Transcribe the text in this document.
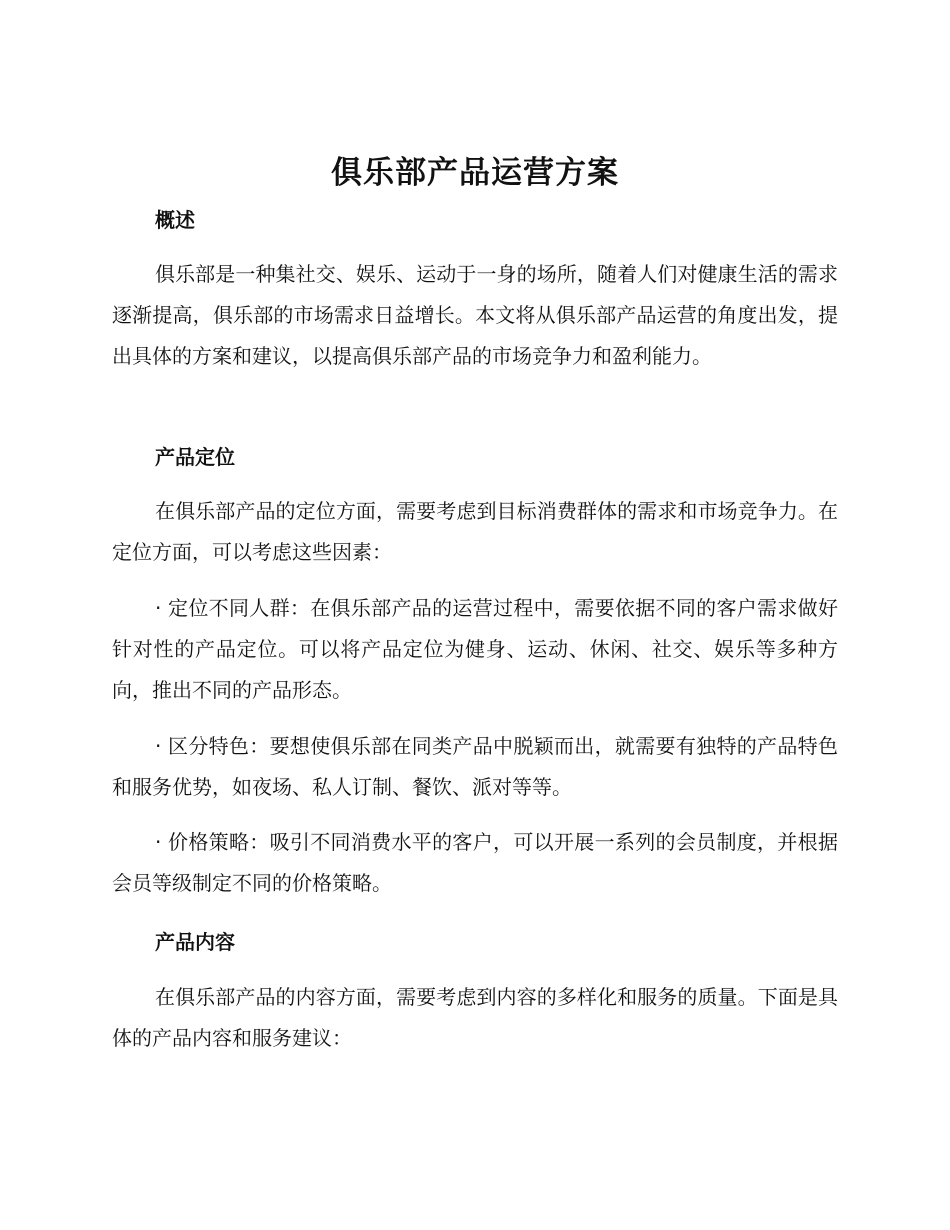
俱乐部产品运营方案
概述

俱乐部是一种集社交、娱乐、运动于一身的场所，随着人们对健康生活的需求逐渐提高，俱乐部的市场需求日益增长。本文将从俱乐部产品运营的角度出发，提出具体的方案和建议，以提高俱乐部产品的市场竞争力和盈利能力。

产品定位

在俱乐部产品的定位方面，需要考虑到目标消费群体的需求和市场竞争力。在定位方面，可以考虑这些因素：

· 定位不同人群：在俱乐部产品的运营过程中，需要依据不同的客户需求做好针对性的产品定位。可以将产品定位为健身、运动、休闲、社交、娱乐等多种方向，推出不同的产品形态。

· 区分特色：要想使俱乐部在同类产品中脱颖而出，就需要有独特的产品特色和服务优势，如夜场、私人订制、餐饮、派对等等。

· 价格策略：吸引不同消费水平的客户，可以开展一系列的会员制度，并根据会员等级制定不同的价格策略。

产品内容

在俱乐部产品的内容方面，需要考虑到内容的多样化和服务的质量。下面是具体的产品内容和服务建议：
